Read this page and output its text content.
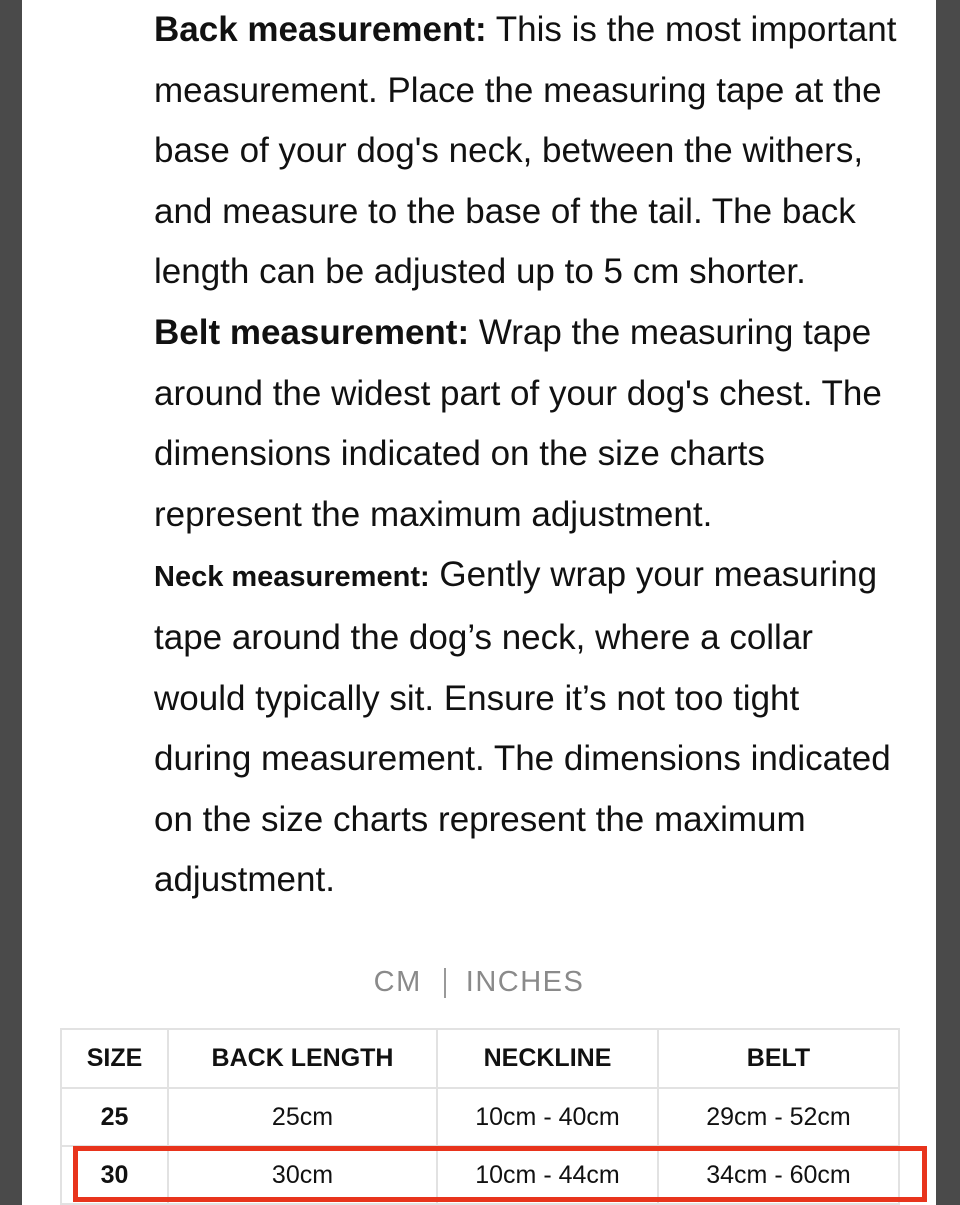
Back measurement: This is the most important measurement. Place the measuring tape at the base of your dog's neck, between the withers, and measure to the base of the tail. The back length can be adjusted up to 5 cm shorter.

Belt measurement: Wrap the measuring tape around the widest part of your dog's chest. The dimensions indicated on the size charts represent the maximum adjustment.

Neck measurement: Gently wrap your measuring tape around the dog’s neck, where a collar would typically sit. Ensure it’s not too tight during measurement. The dimensions indicated on the size charts represent the maximum adjustment.

CM INCHES
SIZE	BACK LENGTH	NECKLINE	BELT
25	25cm	10cm - 40cm	29cm - 52cm
30	30cm	10cm - 44cm	34cm - 60cm
